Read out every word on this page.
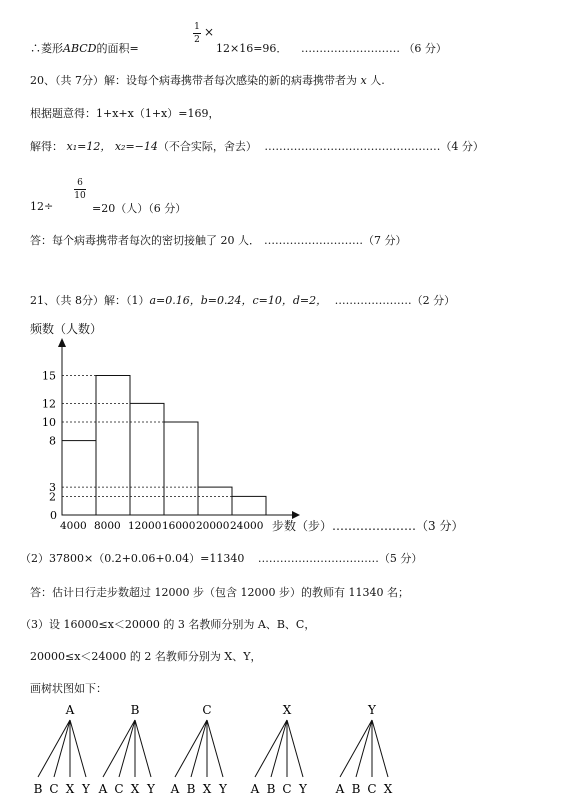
∴菱形ABCD的面积=
1
2
×
12×16=96． ……………………… （6 分）
20、（共 7分）解：设每个病毒携带者每次感染的新的病毒携带者为 x 人.
根据题意得：1+x+x（1+x）=169，
解得： x₁=12， x₂=−14（不合实际，舍去） …………………………………………（4 分）
12÷
6
10
=20（人）（6 分）
答：每个病毒携带者每次的密切接触了 20 人． ………………………（7 分）
21、（共 8分）解：（1）a=0.16，b=0.24，c=10，d=2， …………………（2 分）
频数（人数）
2
3
8
10
12
15
0
4000 8000 12000 16000 20000 24000 步数（步）…………………（3 分）
（2）37800×（0.2+0.06+0.04）=11340 ……………………………（5 分）
答：估计日行走步数超过 12000 步（包含 12000 步）的教师有 11340 名；
（3）设 16000≤x＜20000 的 3 名教师分别为 A、B、C，
20000≤x＜24000 的 2 名教师分别为 X、Y，
画树状图如下：
A
B C X Y
B
A C X Y
C
A B X Y
X
A B C Y
Y
A B C X
